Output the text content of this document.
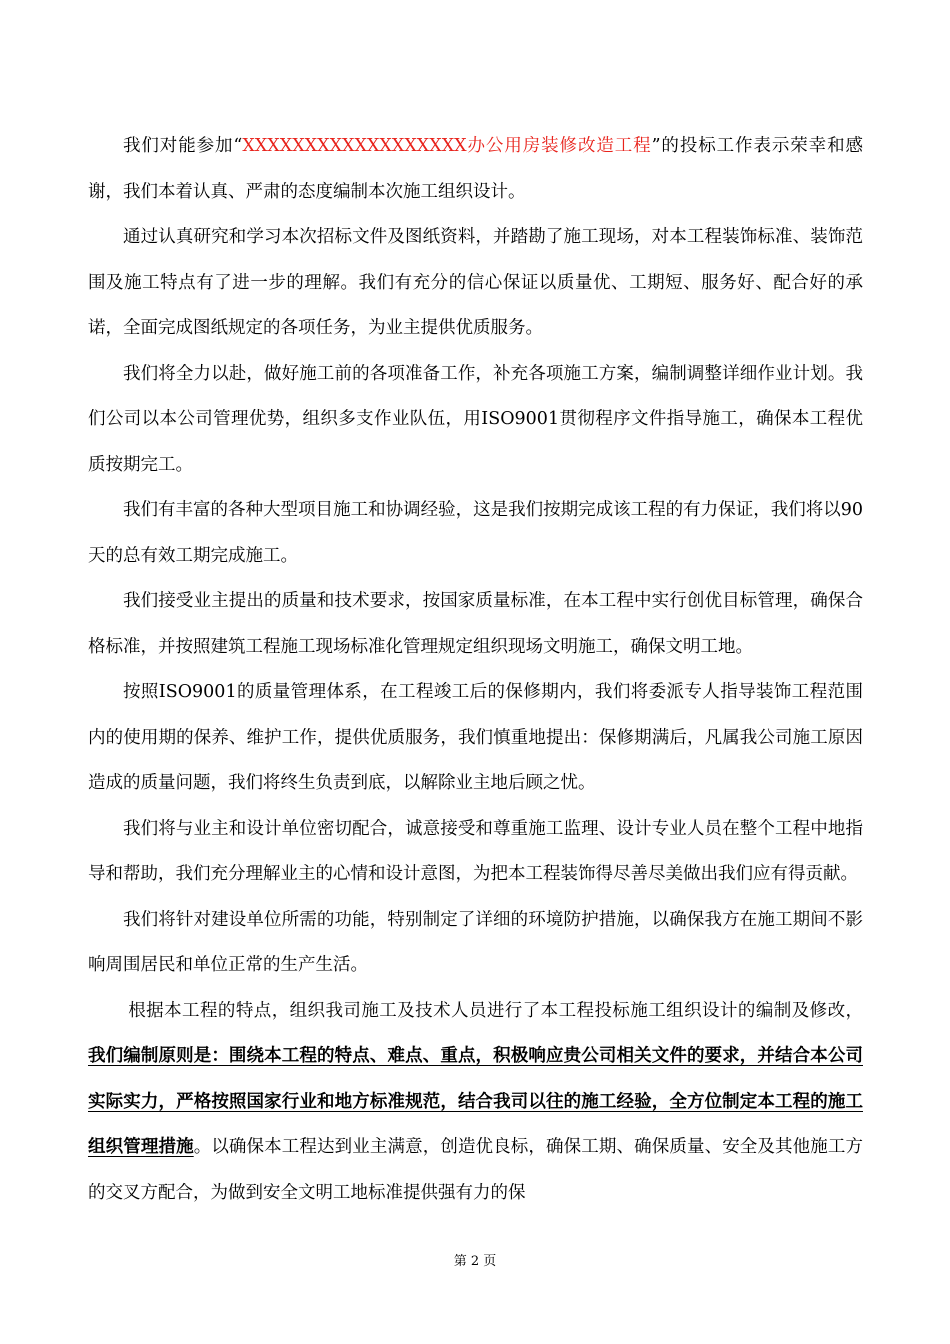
我们对能参加“XXXXXXXXXXXXXXXXXX办公用房装修改造工程”的投标工作表示荣幸和感谢，我们本着认真、严肃的态度编制本次施工组织设计。

通过认真研究和学习本次招标文件及图纸资料，并踏勘了施工现场，对本工程装饰标准、装饰范围及施工特点有了进一步的理解。我们有充分的信心保证以质量优、工期短、服务好、配合好的承诺，全面完成图纸规定的各项任务，为业主提供优质服务。

我们将全力以赴，做好施工前的各项准备工作，补充各项施工方案，编制调整详细作业计划。我们公司以本公司管理优势，组织多支作业队伍，用ISO9001贯彻程序文件指导施工，确保本工程优质按期完工。

我们有丰富的各种大型项目施工和协调经验，这是我们按期完成该工程的有力保证，我们将以90天的总有效工期完成施工。

我们接受业主提出的质量和技术要求，按国家质量标准，在本工程中实行创优目标管理，确保合格标准，并按照建筑工程施工现场标准化管理规定组织现场文明施工，确保文明工地。

按照ISO9001的质量管理体系，在工程竣工后的保修期内，我们将委派专人指导装饰工程范围内的使用期的保养、维护工作，提供优质服务，我们慎重地提出：保修期满后，凡属我公司施工原因造成的质量问题，我们将终生负责到底，以解除业主地后顾之忧。

我们将与业主和设计单位密切配合，诚意接受和尊重施工监理、设计专业人员在整个工程中地指导和帮助，我们充分理解业主的心情和设计意图，为把本工程装饰得尽善尽美做出我们应有得贡献。

我们将针对建设单位所需的功能，特别制定了详细的环境防护措施，以确保我方在施工期间不影响周围居民和单位正常的生产生活。

根据本工程的特点，组织我司施工及技术人员进行了本工程投标施工组织设计的编制及修改，我们编制原则是：围绕本工程的特点、难点、重点，积极响应贵公司相关文件的要求，并结合本公司实际实力，严格按照国家行业和地方标准规范，结合我司以往的施工经验，全方位制定本工程的施工组织管理措施。以确保本工程达到业主满意，创造优良标，确保工期、确保质量、安全及其他施工方的交叉方配合，为做到安全文明工地标准提供强有力的保

第 2 页
